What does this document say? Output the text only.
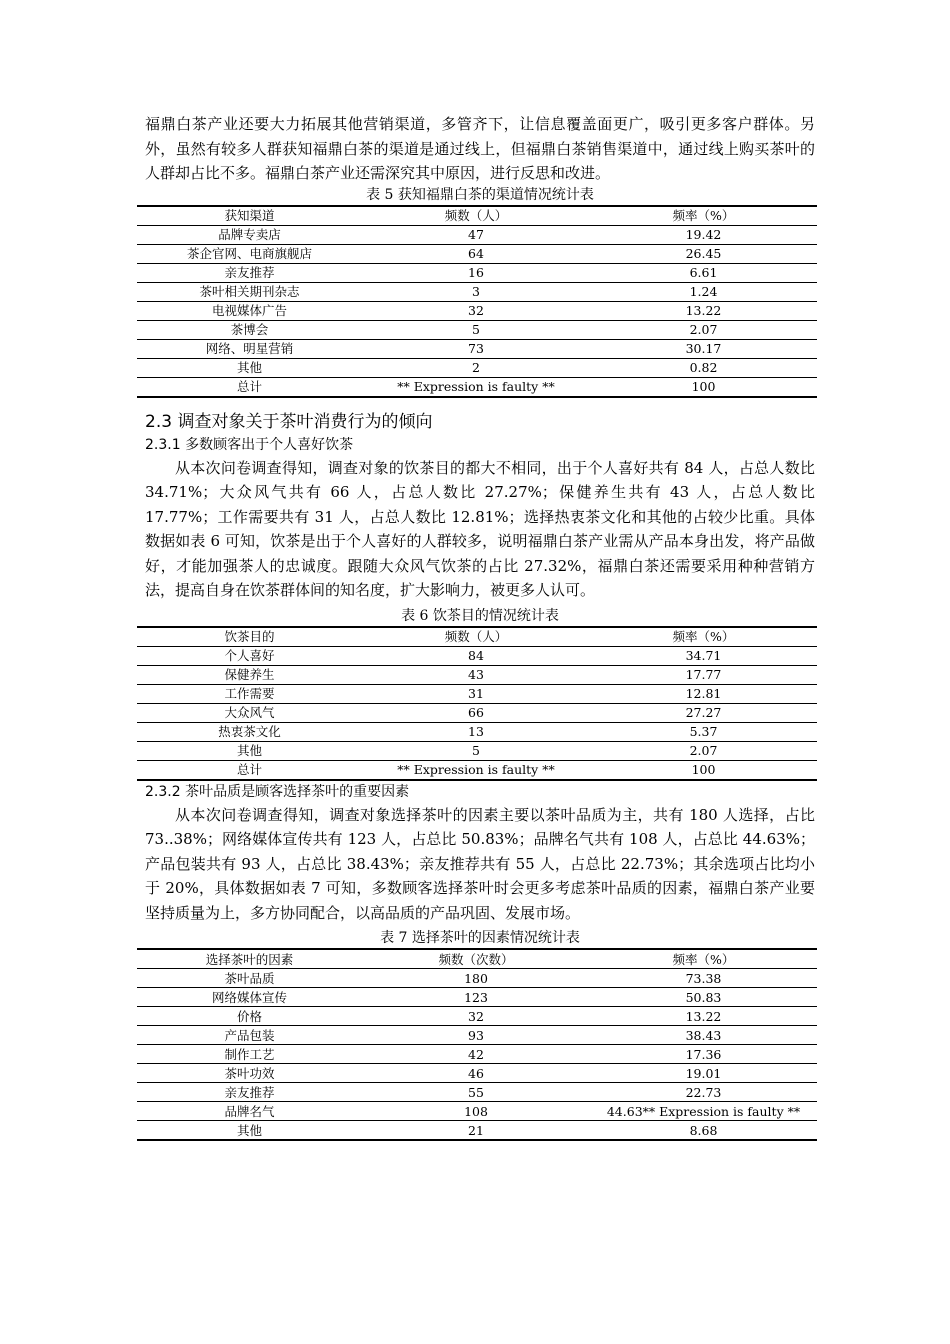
福鼎白茶产业还要大力拓展其他营销渠道，多管齐下，让信息覆盖面更广，吸引更多客户群体。另外，虽然有较多人群获知福鼎白茶的渠道是通过线上，但福鼎白茶销售渠道中，通过线上购买茶叶的人群却占比不多。福鼎白茶产业还需深究其中原因，进行反思和改进。

表 5 获知福鼎白茶的渠道情况统计表

获知渠道	频数（人）	频率（%）
品牌专卖店	47	19.42
茶企官网、电商旗舰店	64	26.45
亲友推荐	16	6.61
茶叶相关期刊杂志	3	1.24
电视媒体广告	32	13.22
茶博会	5	2.07
网络、明星营销	73	30.17
其他	2	0.82
总计	** Expression is faulty **	100

2.3 调查对象关于茶叶消费行为的倾向

2.3.1 多数顾客出于个人喜好饮茶

从本次问卷调查得知，调查对象的饮茶目的都大不相同，出于个人喜好共有 84 人，占总人数比 34.71%；大众风气共有 66 人，占总人数比 27.27%；保健养生共有 43 人，占总人数比 17.77%；工作需要共有 31 人，占总人数比 12.81%；选择热衷茶文化和其他的占较少比重。具体数据如表 6 可知，饮茶是出于个人喜好的人群较多，说明福鼎白茶产业需从产品本身出发，将产品做好，才能加强茶人的忠诚度。跟随大众风气饮茶的占比 27.32%，福鼎白茶还需要采用种种营销方法，提高自身在饮茶群体间的知名度，扩大影响力，被更多人认可。

表 6 饮茶目的情况统计表

饮茶目的	频数（人）	频率（%）
个人喜好	84	34.71
保健养生	43	17.77
工作需要	31	12.81
大众风气	66	27.27
热衷茶文化	13	5.37
其他	5	2.07
总计	** Expression is faulty **	100

2.3.2 茶叶品质是顾客选择茶叶的重要因素

从本次问卷调查得知，调查对象选择茶叶的因素主要以茶叶品质为主，共有 180 人选择，占比 73..38%；网络媒体宣传共有 123 人，占总比 50.83%；品牌名气共有 108 人，占总比 44.63%；产品包装共有 93 人，占总比 38.43%；亲友推荐共有 55 人，占总比 22.73%；其余选项占比均小于 20%，具体数据如表 7 可知，多数顾客选择茶叶时会更多考虑茶叶品质的因素，福鼎白茶产业要坚持质量为上，多方协同配合，以高品质的产品巩固、发展市场。

表 7 选择茶叶的因素情况统计表

选择茶叶的因素	频数（次数）	频率（%）
茶叶品质	180	73.38
网络媒体宣传	123	50.83
价格	32	13.22
产品包装	93	38.43
制作工艺	42	17.36
茶叶功效	46	19.01
亲友推荐	55	22.73
品牌名气	108	44.63** Expression is faulty **
其他	21	8.68
